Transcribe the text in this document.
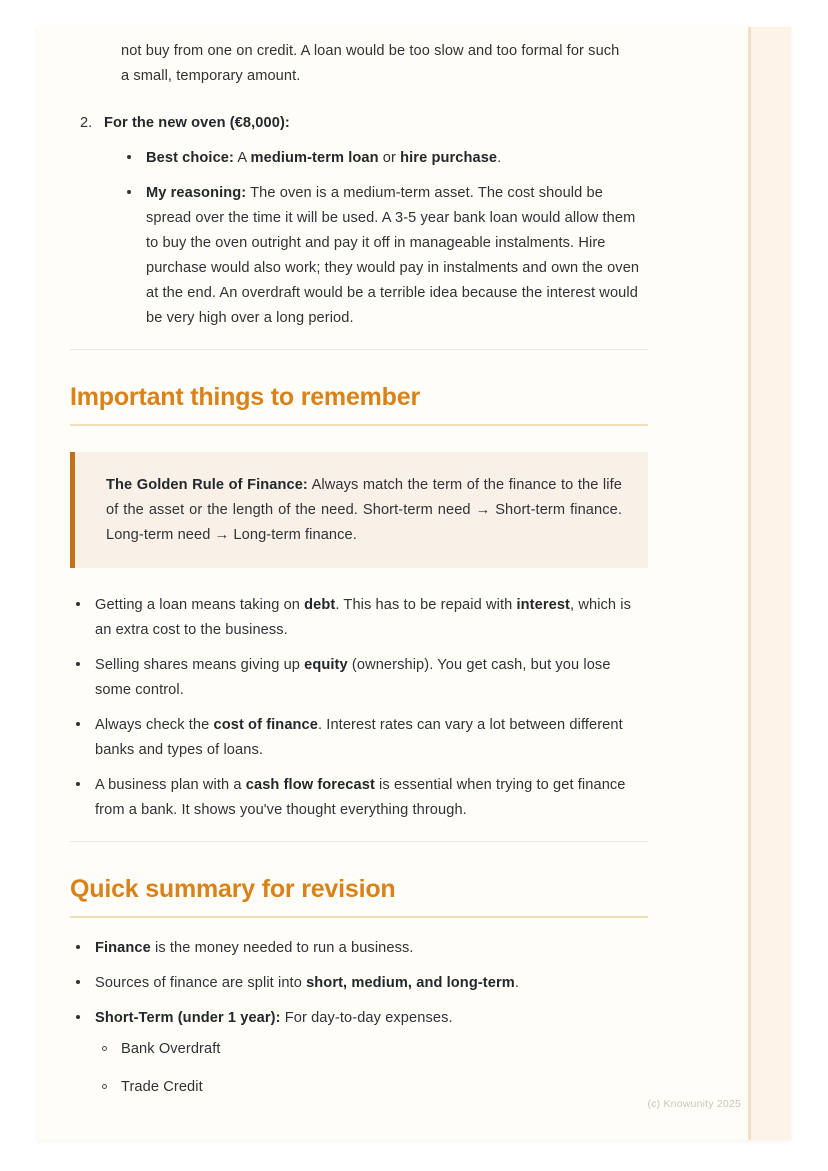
not buy from one on credit. A loan would be too slow and too formal for such a small, temporary amount.

2. For the new oven (€8,000):
Best choice: A medium-term loan or hire purchase.
My reasoning: The oven is a medium-term asset. The cost should be spread over the time it will be used. A 3-5 year bank loan would allow them to buy the oven outright and pay it off in manageable instalments. Hire purchase would also work; they would pay in instalments and own the oven at the end. An overdraft would be a terrible idea because the interest would be very high over a long period.
Important things to remember

The Golden Rule of Finance: Always match the term of the finance to the life of the asset or the length of the need. Short-term need → Short-term finance. Long-term need → Long-term finance.

Getting a loan means taking on debt. This has to be repaid with interest, which is an extra cost to the business.
Selling shares means giving up equity (ownership). You get cash, but you lose some control.
Always check the cost of finance. Interest rates can vary a lot between different banks and types of loans.
A business plan with a cash flow forecast is essential when trying to get finance from a bank. It shows you've thought everything through.
Quick summary for revision
Finance is the money needed to run a business.
Sources of finance are split into short, medium, and long-term.
Short-Term (under 1 year): For day-to-day expenses.
Bank Overdraft
Trade Credit
(c) Knowunity 2025
